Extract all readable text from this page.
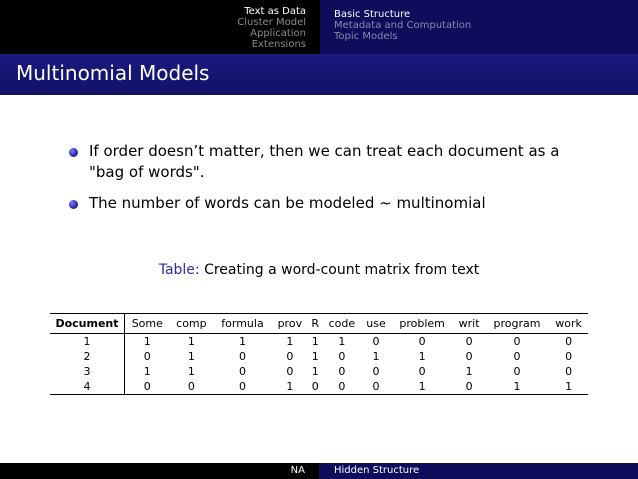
Text as Data
Cluster Model
Application
Extensions
Basic Structure
Metadata and Computation
Topic Models
Multinomial Models
If order doesn’t matter, then we can treat each document as a "bag of words".
The number of words can be modeled ∼ multinomial
Table: Creating a word-count matrix from text
Document	Some	comp	formula	prov	R	code	use	problem	writ	program	work
1	1	1	1	1	1	1	0	0	0	0	0
2	0	1	0	0	1	0	1	1	0	0	0
3	1	1	0	0	1	0	0	0	1	0	0
4	0	0	0	1	0	0	0	1	0	1	1
NA	Hidden Structure
